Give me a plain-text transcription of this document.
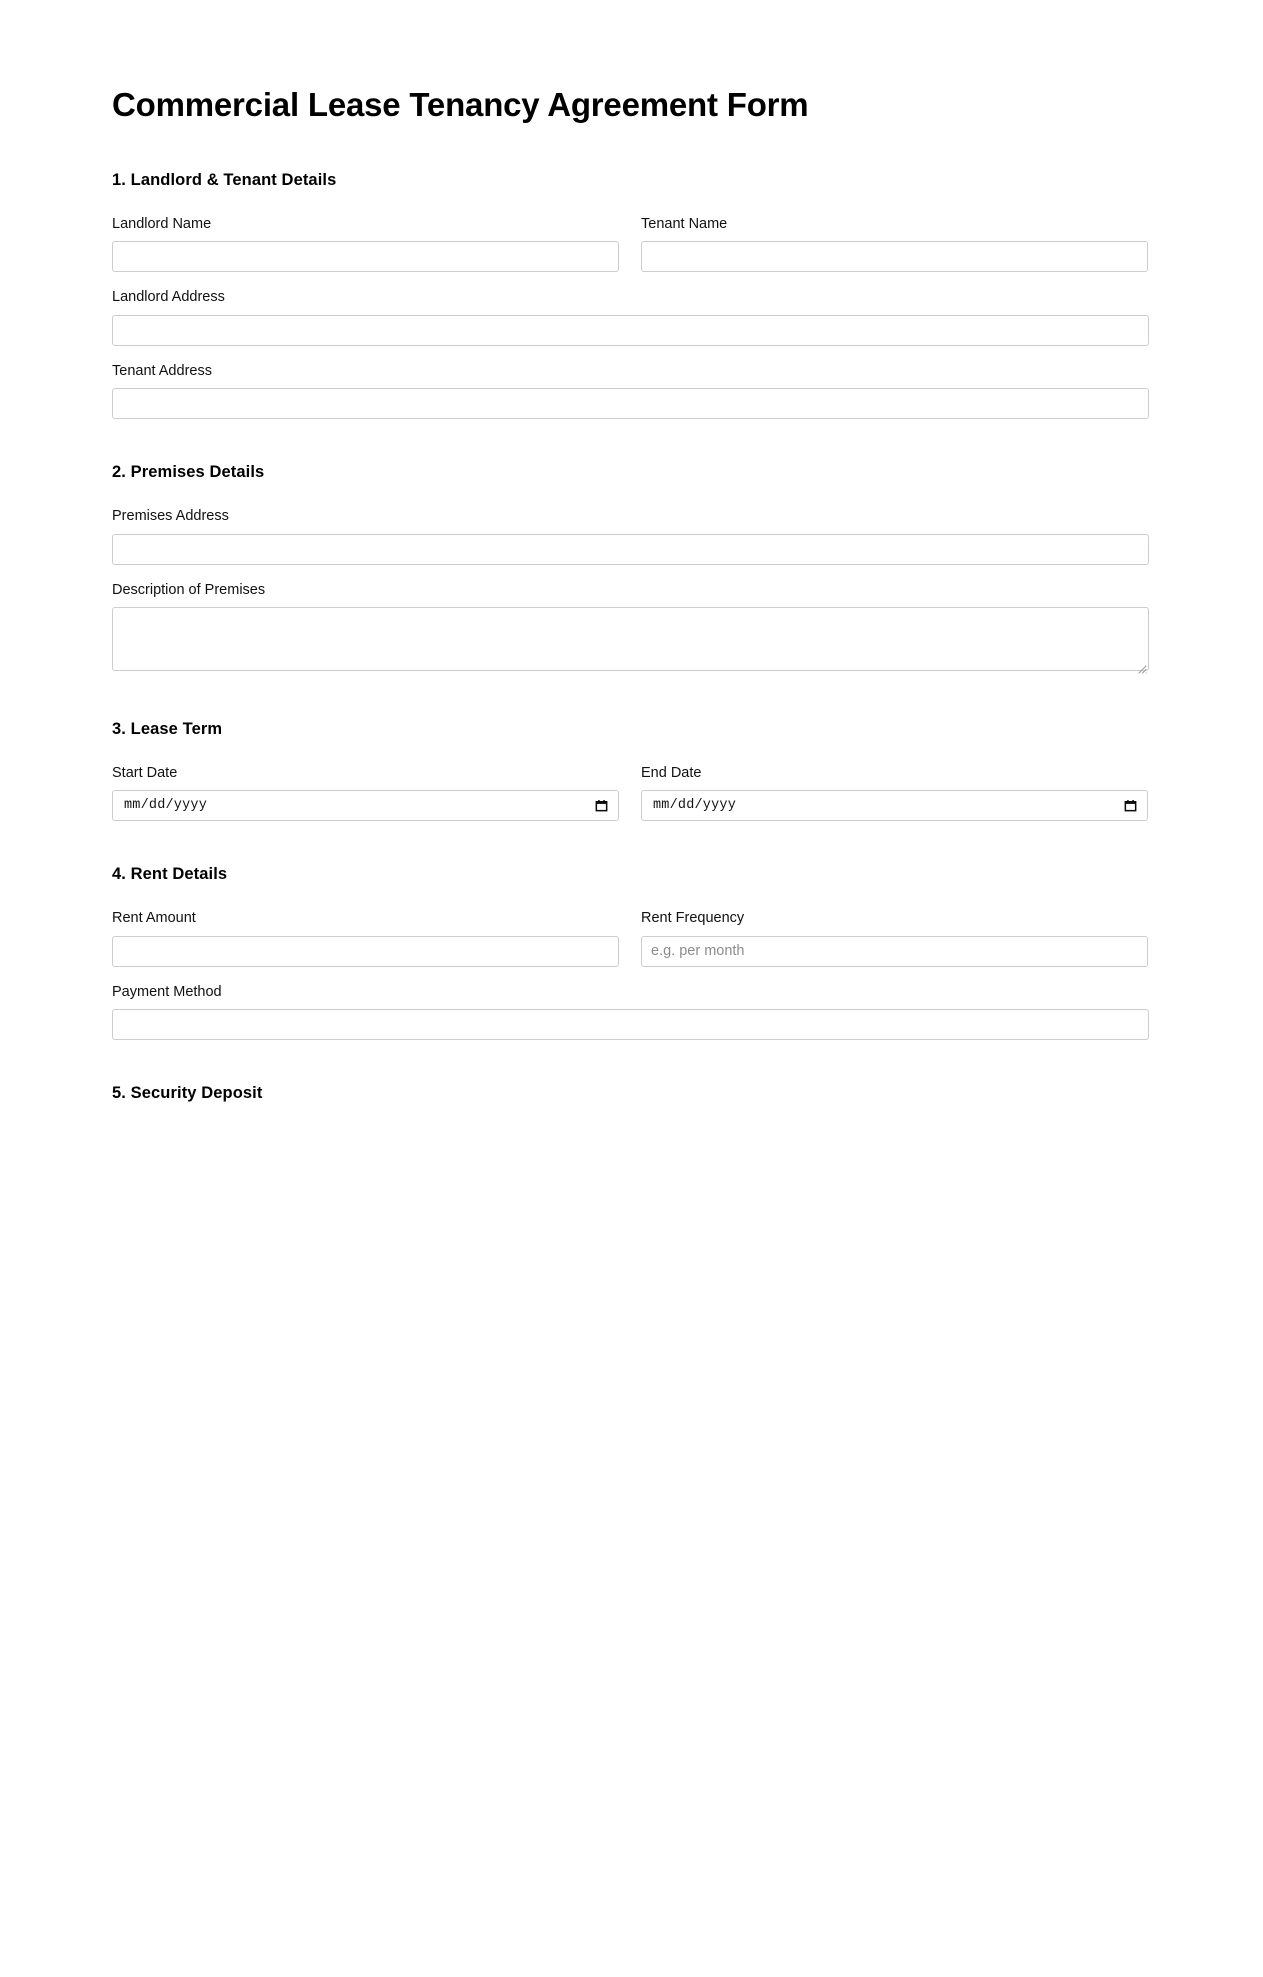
Commercial Lease Tenancy Agreement Form
1. Landlord & Tenant Details
Landlord Name	Tenant Name
Landlord Address
Tenant Address
2. Premises Details
Premises Address
Description of Premises
3. Lease Term
Start Date
mm/dd/yyyy
End Date
mm/dd/yyyy
4. Rent Details
Rent Amount	Rent Frequency
e.g. per month
Payment Method
5. Security Deposit
